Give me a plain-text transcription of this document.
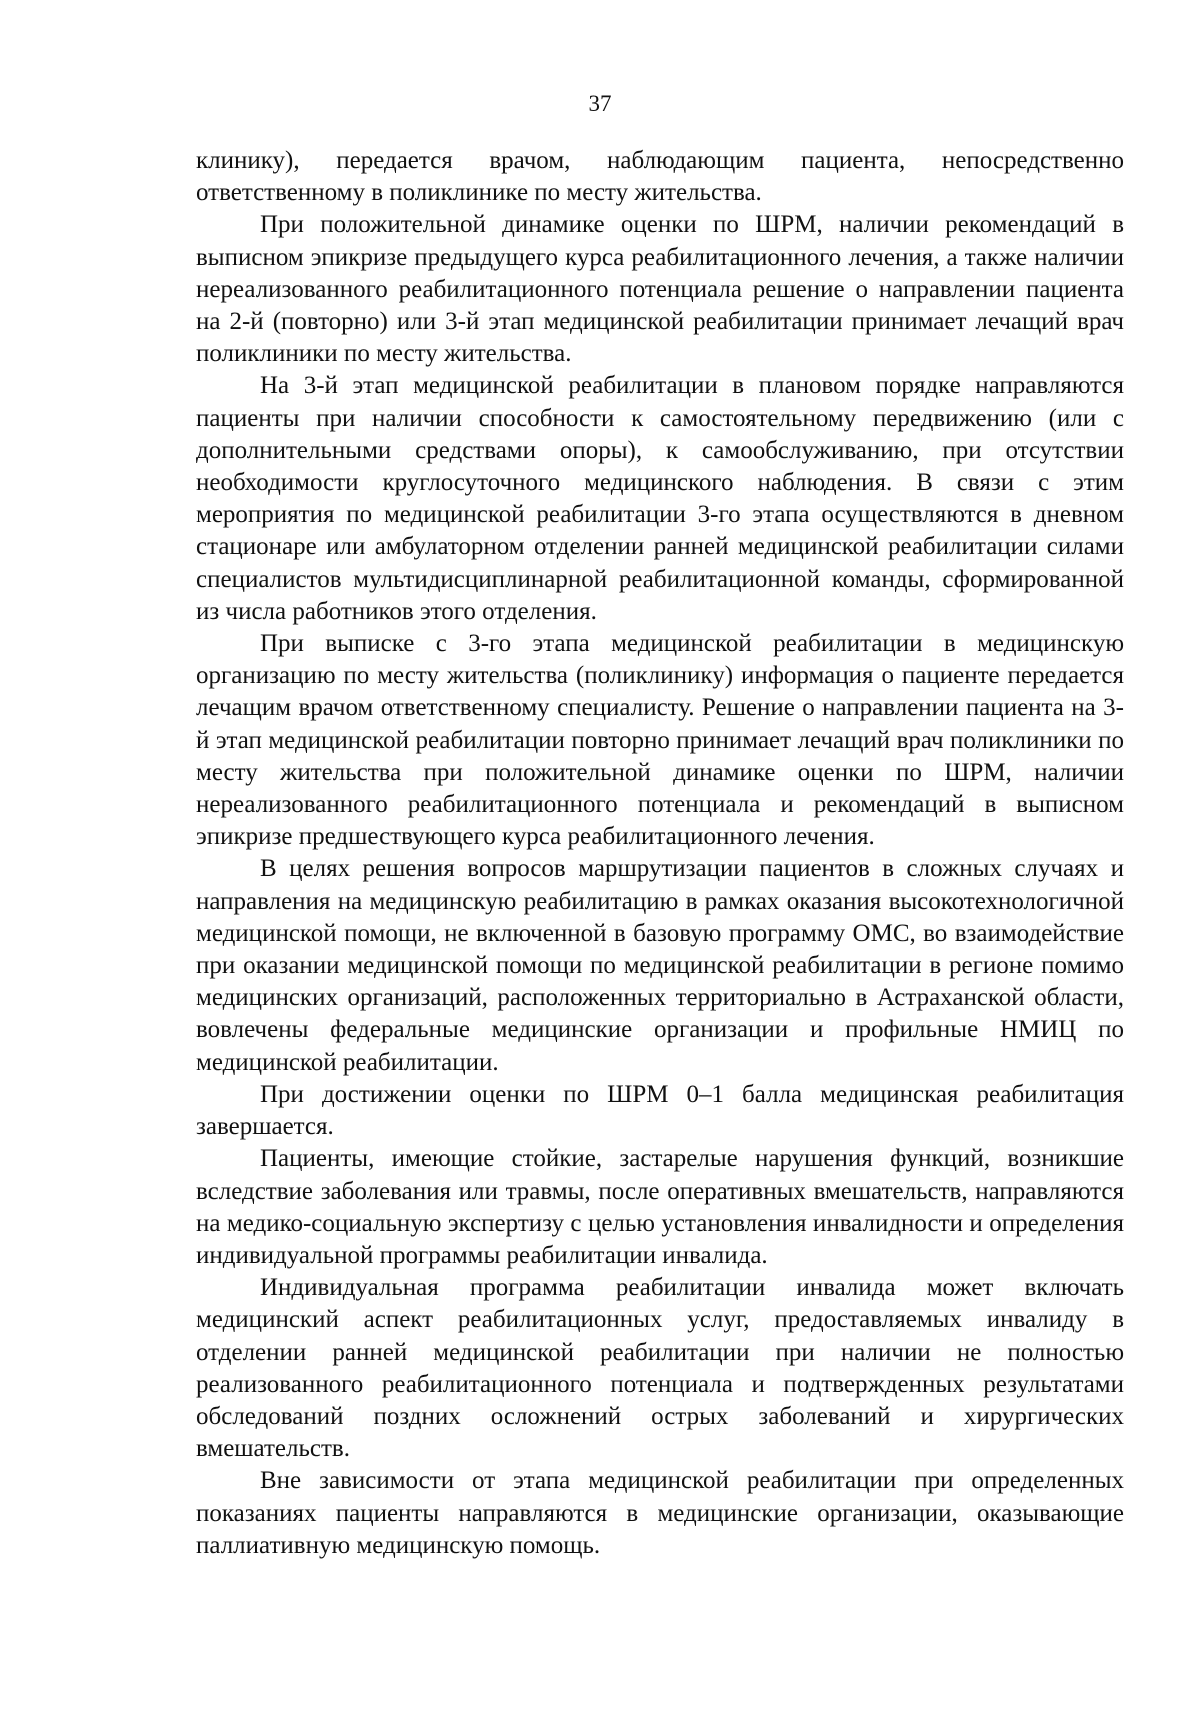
37

клинику), передается врачом, наблюдающим пациента, непосредственно ответственному в поликлинике по месту жительства.

При положительной динамике оценки по ШРМ, наличии рекомендаций в выписном эпикризе предыдущего курса реабилитационного лечения, а также наличии нереализованного реабилитационного потенциала решение о направлении пациента на 2-й (повторно) или 3-й этап медицинской реабилитации принимает лечащий врач поликлиники по месту жительства.

На 3-й этап медицинской реабилитации в плановом порядке направляются пациенты при наличии способности к самостоятельному передвижению (или с дополнительными средствами опоры), к самообслуживанию, при отсутствии необходимости круглосуточного медицинского наблюдения. В связи с этим мероприятия по медицинской реабилитации 3-го этапа осуществляются в дневном стационаре или амбулаторном отделении ранней медицинской реабилитации силами специалистов мультидисциплинарной реабилитационной команды, сформированной из числа работников этого отделения.

При выписке с 3-го этапа медицинской реабилитации в медицинскую организацию по месту жительства (поликлинику) информация о пациенте передается лечащим врачом ответственному специалисту. Решение о направлении пациента на 3-й этап медицинской реабилитации повторно принимает лечащий врач поликлиники по месту жительства при положительной динамике оценки по ШРМ, наличии нереализованного реабилитационного потенциала и рекомендаций в выписном эпикризе предшествующего курса реабилитационного лечения.

В целях решения вопросов маршрутизации пациентов в сложных случаях и направления на медицинскую реабилитацию в рамках оказания высокотехнологичной медицинской помощи, не включенной в базовую программу ОМС, во взаимодействие при оказании медицинской помощи по медицинской реабилитации в регионе помимо медицинских организаций, расположенных территориально в Астраханской области, вовлечены федеральные медицинские организации и профильные НМИЦ по медицинской реабилитации.

При достижении оценки по ШРМ 0–1 балла медицинская реабилитация завершается.

Пациенты, имеющие стойкие, застарелые нарушения функций, возникшие вследствие заболевания или травмы, после оперативных вмешательств, направляются на медико-социальную экспертизу с целью установления инвалидности и определения индивидуальной программы реабилитации инвалида.

Индивидуальная программа реабилитации инвалида может включать медицинский аспект реабилитационных услуг, предоставляемых инвалиду в отделении ранней медицинской реабилитации при наличии не полностью реализованного реабилитационного потенциала и подтвержденных результатами обследований поздних осложнений острых заболеваний и хирургических вмешательств.

Вне зависимости от этапа медицинской реабилитации при определенных показаниях пациенты направляются в медицинские организации, оказывающие паллиативную медицинскую помощь.
